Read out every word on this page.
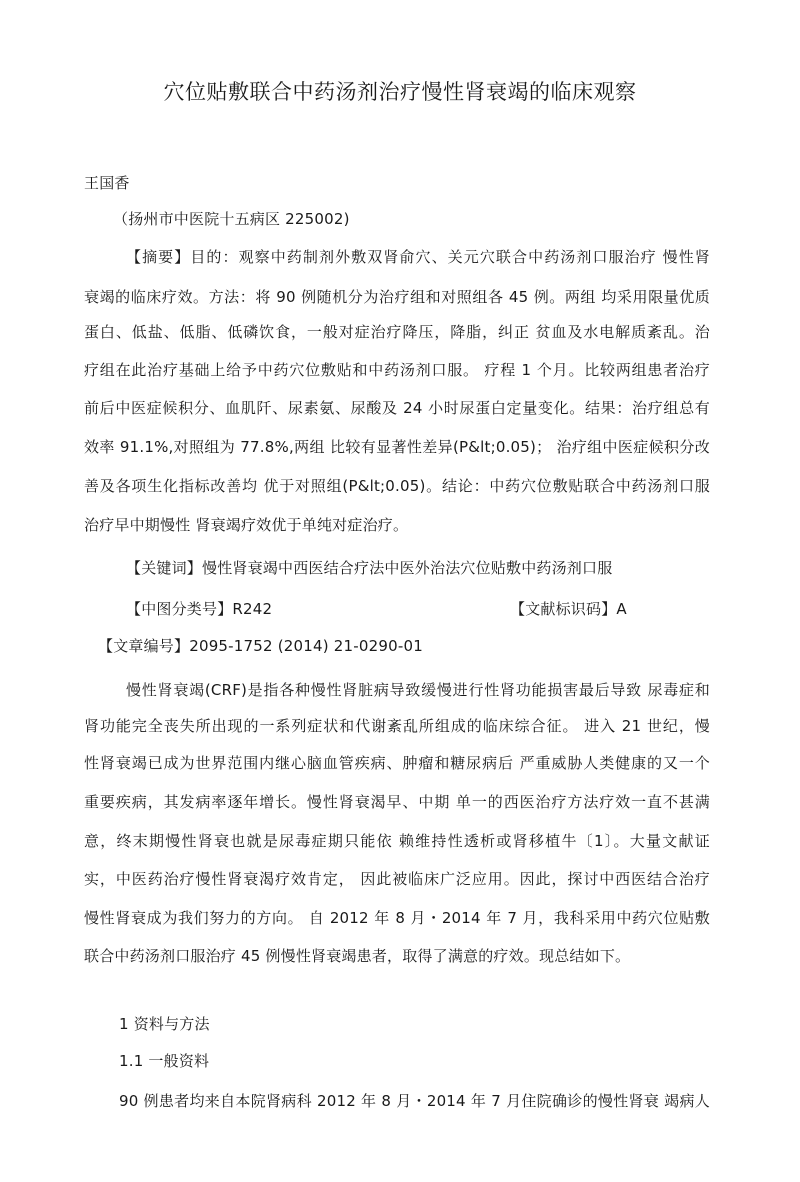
穴位贴敷联合中药汤剂治疗慢性肾衰竭的临床观察
王国香
（扬州市中医院十五病区 225002)
【摘要】目的：观察中药制剂外敷双肾俞穴、关元穴联合中药汤剂口服治疗 慢性肾
衰竭的临床疗效。方法：将 90 例随机分为治疗组和对照组各 45 例。两组 均采用限量优质
蛋白、低盐、低脂、低磷饮食，一般对症治疗降压，降脂，纠正 贫血及水电解质紊乱。治
疗组在此治疗基础上给予中药穴位敷贴和中药汤剂口服。 疗程 1 个月。比较两组患者治疗
前后中医症候积分、血肌阡、尿素氨、尿酸及 24 小时尿蛋白定量变化。结果：治疗组总有
效率 91.1%,对照组为 77.8%,两组 比较有显著性差异(P&lt;0.05)； 治疗组中医症候积分改
善及各项生化指标改善均 优于对照组(P&lt;0.05)。结论：中药穴位敷贴联合中药汤剂口服
治疗早中期慢性 肾衰竭疗效优于单纯对症治疗。
【关键词】慢性肾衰竭中西医结合疗法中医外治法穴位贴敷中药汤剂口服
【中图分类号】R242	【文献标识码】A
【文章编号】2095-1752 (2014) 21-0290-01
慢性肾衰竭(CRF)是指各种慢性肾脏病导致缓慢进行性肾功能损害最后导致 尿毒症和
肾功能完全丧失所出现的一系列症状和代谢紊乱所组成的临床综合征。 进入 21 世纪，慢
性肾衰竭已成为世界范围内继心脑血管疾病、肿瘤和糖尿病后 严重威胁人类健康的又一个
重要疾病，其发病率逐年增长。慢性肾衰渴早、中期 单一的西医治疗方法疗效一直不甚满
意，终末期慢性肾衰也就是尿毒症期只能依 赖维持性透析或肾移植牛〔1〕。大量文献证
实，中医药治疗慢性肾衰渴疗效肯定， 因此被临床广泛应用。因此，探讨中西医结合治疗
慢性肾衰成为我们努力的方向。 自 2012 年 8 月・2014 年 7 月，我科采用中药穴位贴敷
联合中药汤剂口服治疗 45 例慢性肾衰竭患者，取得了满意的疗效。现总结如下。
1 资料与方法
1.1 一般资料
90 例患者均来自本院肾病科 2012 年 8 月・2014 年 7 月住院确诊的慢性肾衰 竭病人
